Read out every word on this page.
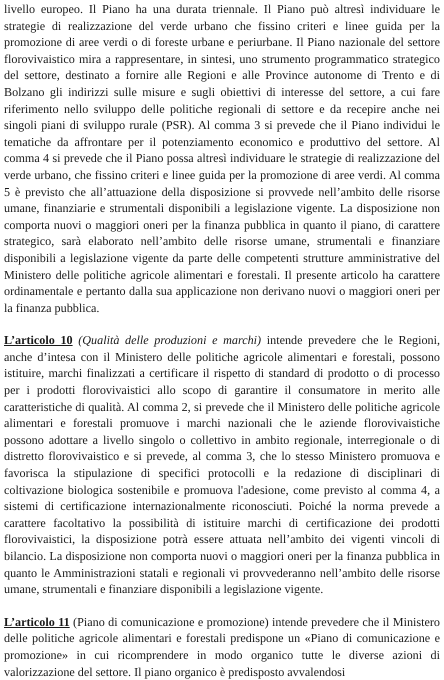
livello europeo. Il Piano ha una durata triennale. Il Piano può altresì individuare le strategie di realizzazione del verde urbano che fissino criteri e linee guida per la promozione di aree verdi o di foreste urbane e periurbane. Il Piano nazionale del settore florovivaistico mira a rappresentare, in sintesi, uno strumento programmatico strategico del settore, destinato a fornire alle Regioni e alle Province autonome di Trento e di Bolzano gli indirizzi sulle misure e sugli obiettivi di interesse del settore, a cui fare riferimento nello sviluppo delle politiche regionali di settore e da recepire anche nei singoli piani di sviluppo rurale (PSR). Al comma 3 si prevede che il Piano individui le tematiche da affrontare per il potenziamento economico e produttivo del settore. Al comma 4 si prevede che il Piano possa altresì individuare le strategie di realizzazione del verde urbano, che fissino criteri e linee guida per la promozione di aree verdi. Al comma 5 è previsto che all’attuazione della disposizione si provvede nell’ambito delle risorse umane, finanziarie e strumentali disponibili a legislazione vigente. La disposizione non comporta nuovi o maggiori oneri per la finanza pubblica in quanto il piano, di carattere strategico, sarà elaborato nell’ambito delle risorse umane, strumentali e finanziare disponibili a legislazione vigente da parte delle competenti strutture amministrative del Ministero delle politiche agricole alimentari e forestali. Il presente articolo ha carattere ordinamentale e pertanto dalla sua applicazione non derivano nuovi o maggiori oneri per la finanza pubblica.

L’articolo 10 (Qualità delle produzioni e marchi) intende prevedere che le Regioni, anche d’intesa con il Ministero delle politiche agricole alimentari e forestali, possono istituire, marchi finalizzati a certificare il rispetto di standard di prodotto o di processo per i prodotti florovivaistici allo scopo di garantire il consumatore in merito alle caratteristiche di qualità. Al comma 2, si prevede che il Ministero delle politiche agricole alimentari e forestali promuove i marchi nazionali che le aziende florovivaistiche possono adottare a livello singolo o collettivo in ambito regionale, interregionale o di distretto florovivaistico e si prevede, al comma 3, che lo stesso Ministero promuova e favorisca la stipulazione di specifici protocolli e la redazione di disciplinari di coltivazione biologica sostenibile e promuova l'adesione, come previsto al comma 4, a sistemi di certificazione internazionalmente riconosciuti. Poiché la norma prevede a carattere facoltativo la possibilità di istituire marchi di certificazione dei prodotti florovivaistici, la disposizione potrà essere attuata nell’ambito dei vigenti vincoli di bilancio. La disposizione non comporta nuovi o maggiori oneri per la finanza pubblica in quanto le Amministrazioni statali e regionali vi provvederanno nell’ambito delle risorse umane, strumentali e finanziare disponibili a legislazione vigente.

L’articolo 11 (Piano di comunicazione e promozione) intende prevedere che il Ministero delle politiche agricole alimentari e forestali predispone un «Piano di comunicazione e promozione» in cui ricomprendere in modo organico tutte le diverse azioni di valorizzazione del settore. Il piano organico è predisposto avvalendosi
